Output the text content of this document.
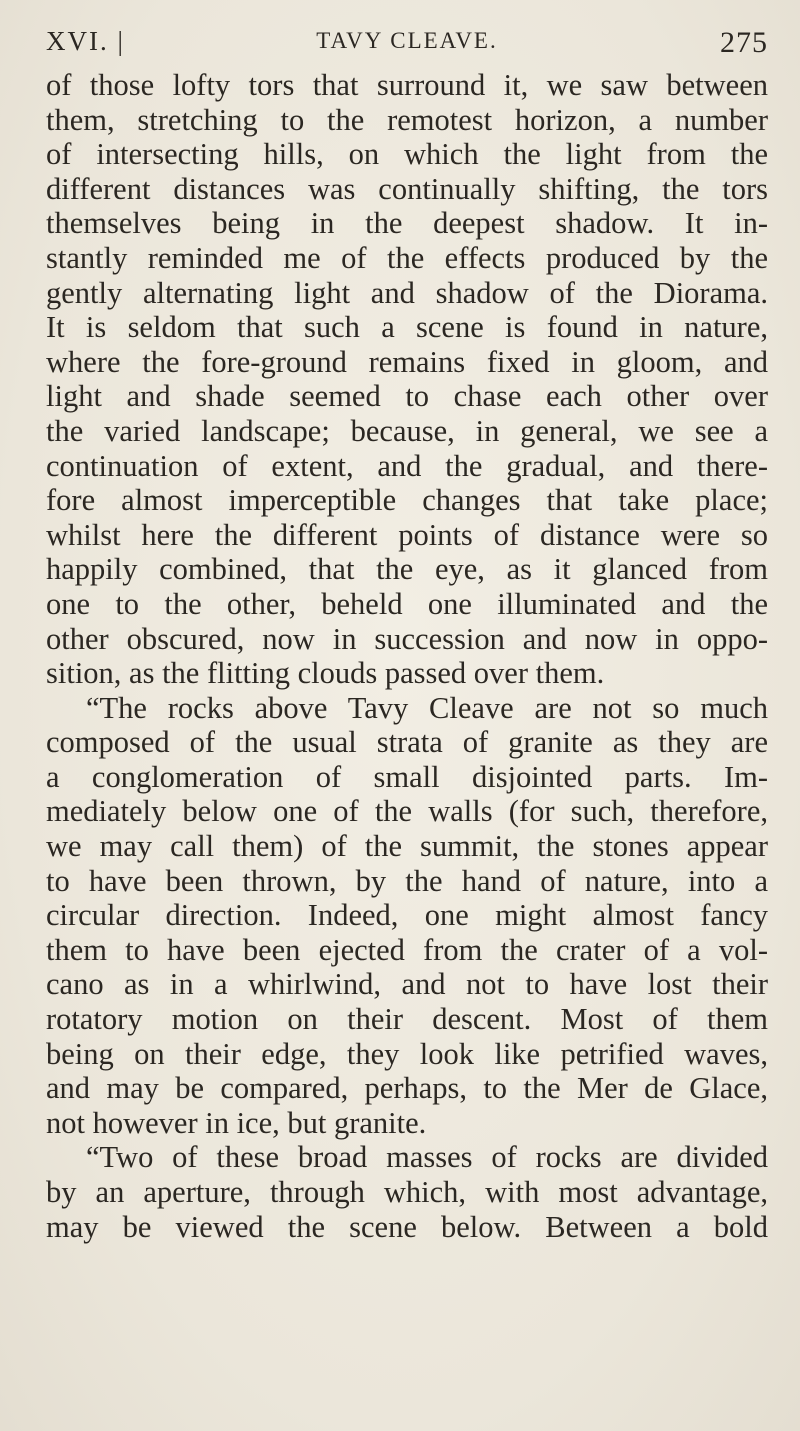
XVI. |	TAVY CLEAVE.	275
of those lofty tors that surround it, we saw between
them, stretching to the remotest horizon, a number
of intersecting hills, on which the light from the
different distances was continually shifting, the tors
themselves being in the deepest shadow. It in-
stantly reminded me of the effects produced by the
gently alternating light and shadow of the Diorama.
It is seldom that such a scene is found in nature,
where the fore-ground remains fixed in gloom, and
light and shade seemed to chase each other over
the varied landscape; because, in general, we see a
continuation of extent, and the gradual, and there-
fore almost imperceptible changes that take place;
whilst here the different points of distance were so
happily combined, that the eye, as it glanced from
one to the other, beheld one illuminated and the
other obscured, now in succession and now in oppo-
sition, as the flitting clouds passed over them.
“The rocks above Tavy Cleave are not so much
composed of the usual strata of granite as they are
a conglomeration of small disjointed parts. Im-
mediately below one of the walls (for such, therefore,
we may call them) of the summit, the stones appear
to have been thrown, by the hand of nature, into a
circular direction. Indeed, one might almost fancy
them to have been ejected from the crater of a vol-
cano as in a whirlwind, and not to have lost their
rotatory motion on their descent. Most of them
being on their edge, they look like petrified waves,
and may be compared, perhaps, to the Mer de Glace,
not however in ice, but granite.
“Two of these broad masses of rocks are divided
by an aperture, through which, with most advantage,
may be viewed the scene below. Between a bold
